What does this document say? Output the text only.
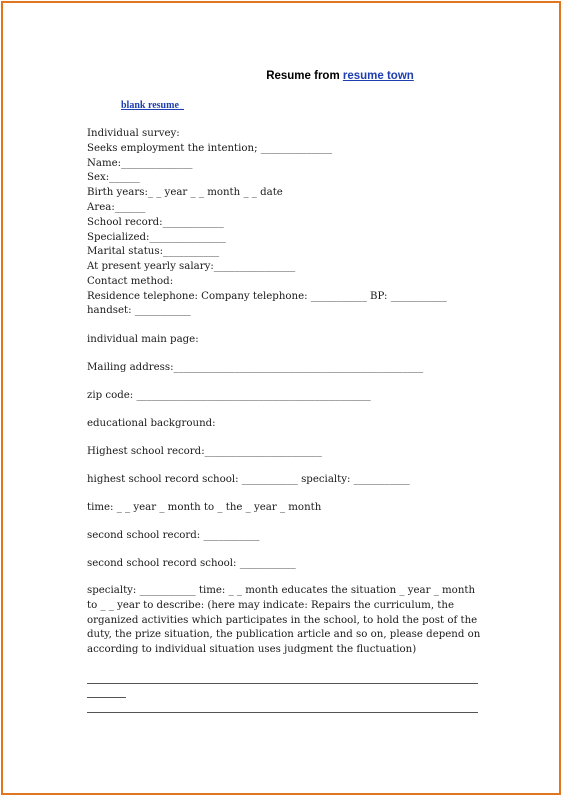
Resume from resume town
blank resume_
Individual survey:
Seeks employment the intention; ______________
Name:______________
Sex:______
Birth years:_ _ year _ _ month _ _ date
Area:______
School record:____________
Specialized:_______________
Marital status:___________
At present yearly salary:________________
Contact method:
Residence telephone: Company telephone: ___________ BP: ___________
handset: ___________
individual main page:
Mailing address:_________________________________________________
zip code: ______________________________________________
educational background:
Highest school record:_______________________
highest school record school: ___________ specialty: ___________
time: _ _ year _ month to _ the _ year _ month
second school record: ___________
second school record school: ___________
specialty: ___________ time: _ _ month educates the situation _ year _ month to _ _ year to describe: (here may indicate: Repairs the curriculum, the organized activities which participates in the school, to hold the post of the duty, the prize situation, the publication article and so on, please depend on according to individual situation uses judgment the fluctuation)
